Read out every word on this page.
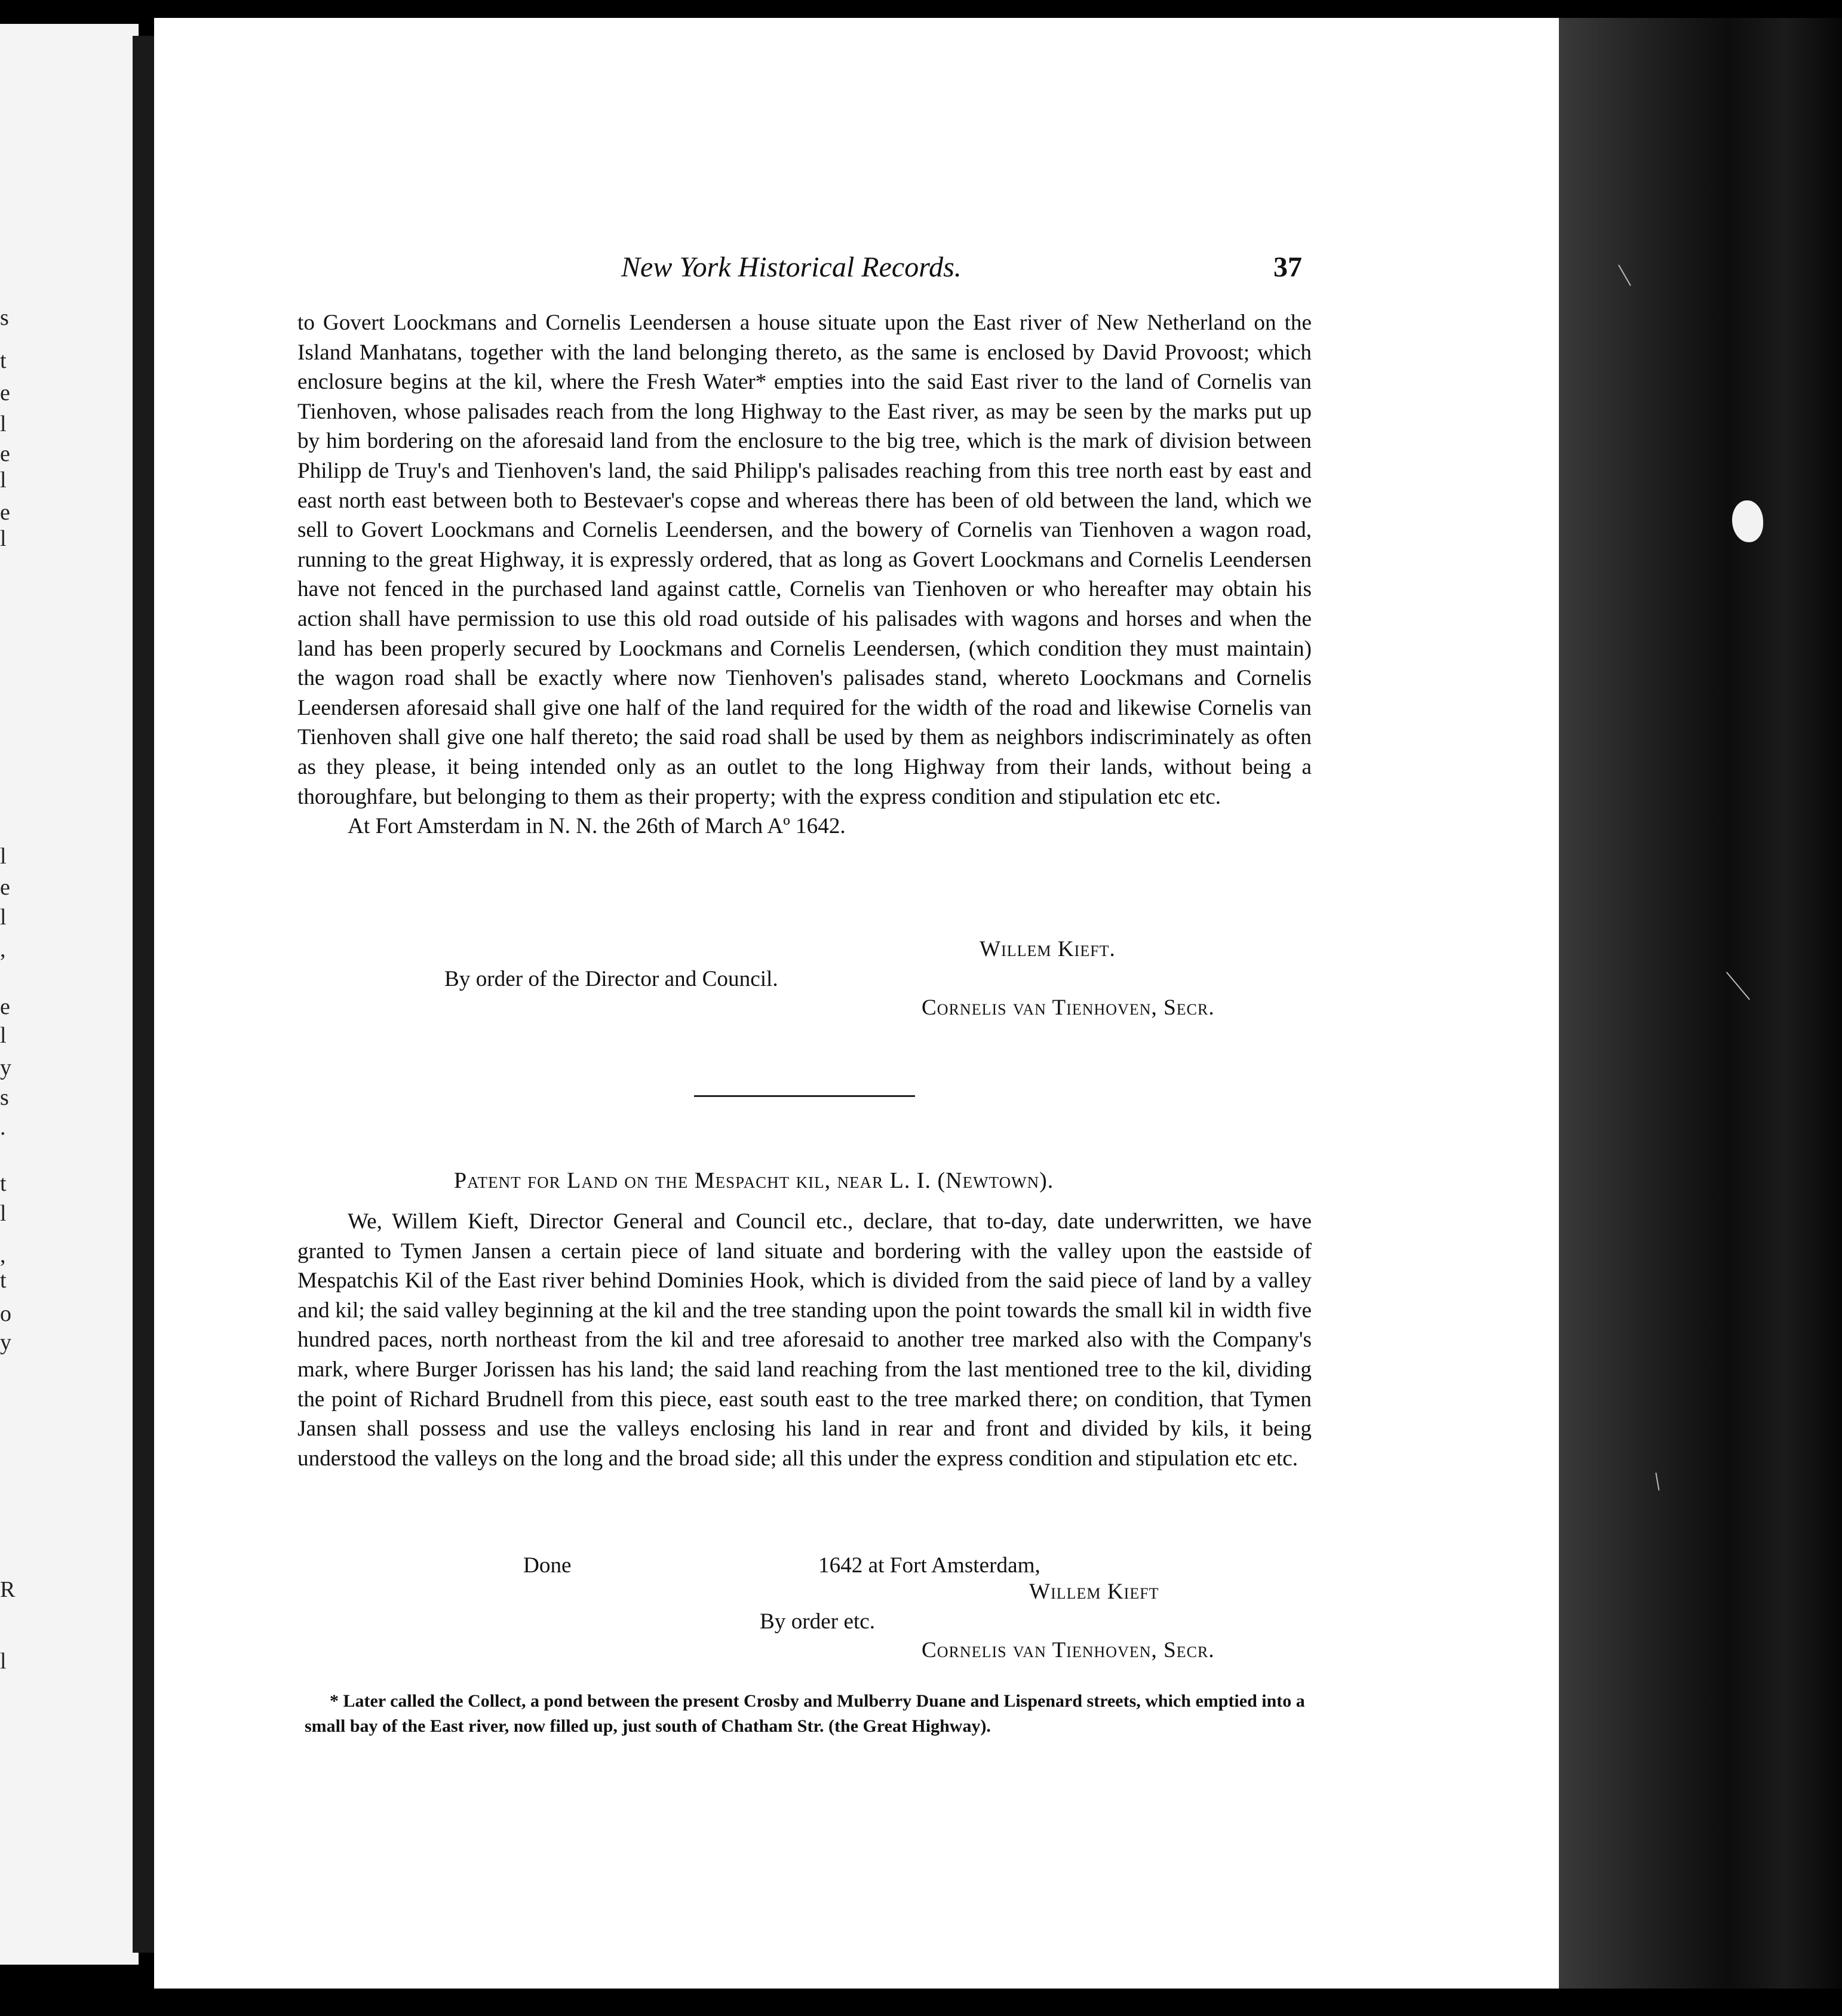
s
t
e
l
e
l
e
l
l
e
l
,
e
l
y
s
.
t
l
,
t
o
y
R
l
New York Historical Records.	37

to Govert Loockmans and Cornelis Leendersen a house situate upon the East river of New Netherland on the Island Manhatans, together with the land belonging thereto, as the same is enclosed by David Provoost; which enclosure begins at the kil, where the Fresh Water* empties into the said East river to the land of Cornelis van Tienhoven, whose palisades reach from the long Highway to the East river, as may be seen by the marks put up by him bordering on the aforesaid land from the enclosure to the big tree, which is the mark of division between Philipp de Truy's and Tienhoven's land, the said Philipp's palisades reaching from this tree north east by east and east north east between both to Bestevaer's copse and whereas there has been of old between the land, which we sell to Govert Loockmans and Cornelis Leendersen, and the bowery of Cornelis van Tienhoven a wagon road, running to the great Highway, it is expressly ordered, that as long as Govert Loockmans and Cornelis Leendersen have not fenced in the purchased land against cattle, Cornelis van Tienhoven or who hereafter may obtain his action shall have permission to use this old road outside of his palisades with wagons and horses and when the land has been properly secured by Loockmans and Cornelis Leendersen, (which condition they must maintain) the wagon road shall be exactly where now Tienhoven's palisades stand, whereto Loockmans and Cornelis Leendersen aforesaid shall give one half of the land required for the width of the road and likewise Cornelis van Tienhoven shall give one half thereto; the said road shall be used by them as neighbors indiscriminately as often as they please, it being intended only as an outlet to the long Highway from their lands, without being a thoroughfare, but belonging to them as their property; with the express condition and stipulation etc etc.

At Fort Amsterdam in N. N. the 26th of March Aº 1642.

Willem Kieft.
By order of the Director and Council.
Cornelis van Tienhoven, Secr.
Patent for Land on the Mespacht kil, near L. I. (Newtown).

We, Willem Kieft, Director General and Council etc., declare, that to-day, date underwritten, we have granted to Tymen Jansen a certain piece of land situate and bordering with the valley upon the eastside of Mespatchis Kil of the East river behind Dominies Hook, which is divided from the said piece of land by a valley and kil; the said valley beginning at the kil and the tree standing upon the point towards the small kil in width five hundred paces, north northeast from the kil and tree aforesaid to another tree marked also with the Company's mark, where Burger Jorissen has his land; the said land reaching from the last mentioned tree to the kil, dividing the point of Richard Brudnell from this piece, east south east to the tree marked there; on condition, that Tymen Jansen shall possess and use the valleys enclosing his land in rear and front and divided by kils, it being understood the valleys on the long and the broad side; all this under the express condition and stipulation etc etc.

Done	1642 at Fort Amsterdam,
Willem Kieft
By order etc.
Cornelis van Tienhoven, Secr.
* Later called the Collect, a pond between the present Crosby and Mulberry Duane and Lispenard streets, which emptied into a small bay of the East river, now filled up, just south of Chatham Str. (the Great Highway).
